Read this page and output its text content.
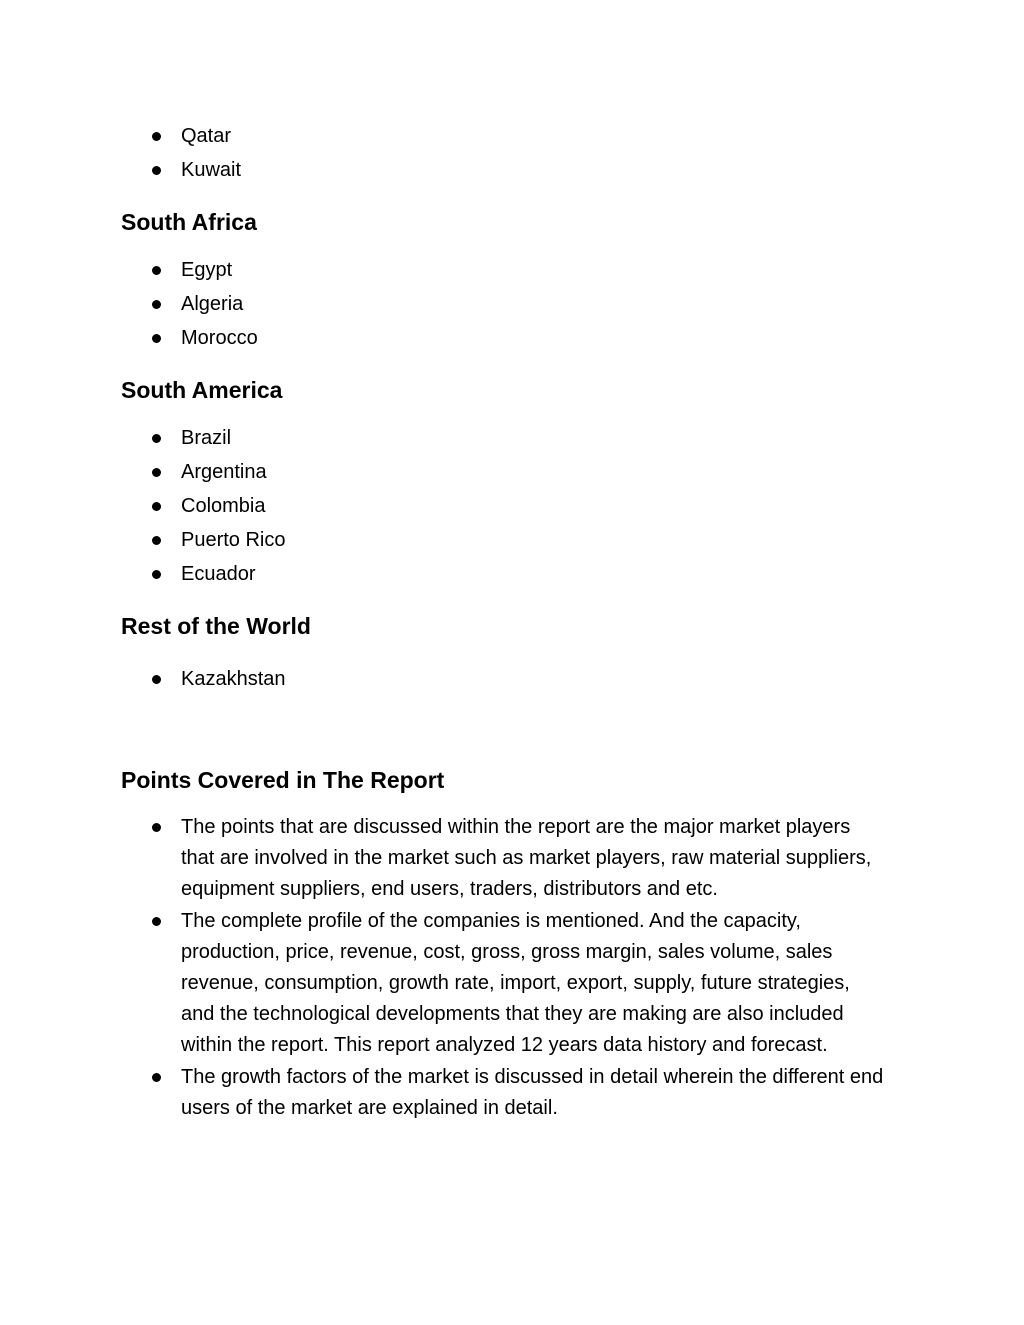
Qatar
Kuwait
South Africa
Egypt
Algeria
Morocco
South America
Brazil
Argentina
Colombia
Puerto Rico
Ecuador
Rest of the World
Kazakhstan
Points Covered in The Report
The points that are discussed within the report are the major market players that are involved in the market such as market players, raw material suppliers, equipment suppliers, end users, traders, distributors and etc.
The complete profile of the companies is mentioned. And the capacity, production, price, revenue, cost, gross, gross margin, sales volume, sales revenue, consumption, growth rate, import, export, supply, future strategies, and the technological developments that they are making are also included within the report. This report analyzed 12 years data history and forecast.
The growth factors of the market is discussed in detail wherein the different end users of the market are explained in detail.
